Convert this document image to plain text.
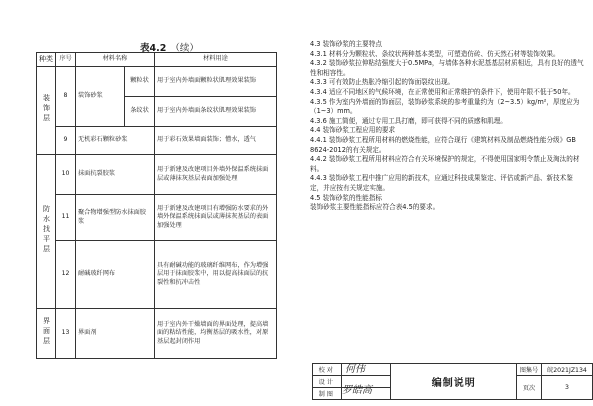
表4.2 （续）
种类	序号	材料名称		材料用途
装饰层	8	装饰砂浆	颗粒状	用于室内外墙面颗粒状肌理效果装饰
			条纹状	用于室内外墙面条纹状肌理效果装饰
	9	无机彩石颗粒砂浆		用于彩石效果墙面装饰；憎水，透气
防水找平层	10	抹面抗裂胶浆		用于新建及改建项目外墙外保温系统抹面层或薄抹灰基层表面加强处理
	11	聚合物增强型防水抹面胶浆		用于新建及改建项目有增强防水要求的外墙外保温系统抹面层或薄抹灰基层的表面加强处理
	12	耐碱玻纤网布		具有耐碱功能的玻璃纤维网布，作为增强层用于抹面胶浆中，用以提高抹面层的抗裂性和抗冲击性
界面层	13	界面剂		用于室内外干燥墙面的界面处理，提高墙面的粘结性能，均衡基层的吸水性，对原基层起封闭作用

4.3 装饰砂浆的主要特点

4.3.1 材料分为颗粒状、条纹状两种基本类型，可塑造仿砖、仿天然石材等装饰效果。

4.3.2 装饰砂浆拉伸粘结强度大于0.5MPa，与墙体各种水泥基基层材质相近，具有良好的透气性和相容性。

4.3.3 可有效防止热胀冷缩引起的饰面裂纹出现。

4.3.4 适应不同地区的气候环境，在正常使用和正常维护的条件下，使用年限不低于50年。

4.3.5 作为室内外墙面的饰面层，装饰砂浆系统的参考重量约为（2~3.5）kg/m²，厚度应为（1~3）mm。

4.3.6 施工简便，通过专用工具打磨，即可获得不同的质感和肌理。

4.4 装饰砂浆工程应用的要求

4.4.1 装饰砂浆工程所用材料的燃烧性能，应符合现行《建筑材料及制品燃烧性能分级》GB 8624-2012的有关规定。

4.4.2 装饰砂浆工程所用材料应符合有关环境保护的规定，不得使用国家明令禁止及淘汰的材料。

4.4.3 装饰砂浆工程中推广应用的新技术，应通过科技成果鉴定、评估或新产品、新技术鉴定，并应按有关规定实施。

4.5 装饰砂浆的性能指标

装饰砂浆主要性能指标应符合表4.5的要求。

校对		编制说明	图集号	皖2021JZ134
设计			页次	3
制图				
何伟
罗皓高
